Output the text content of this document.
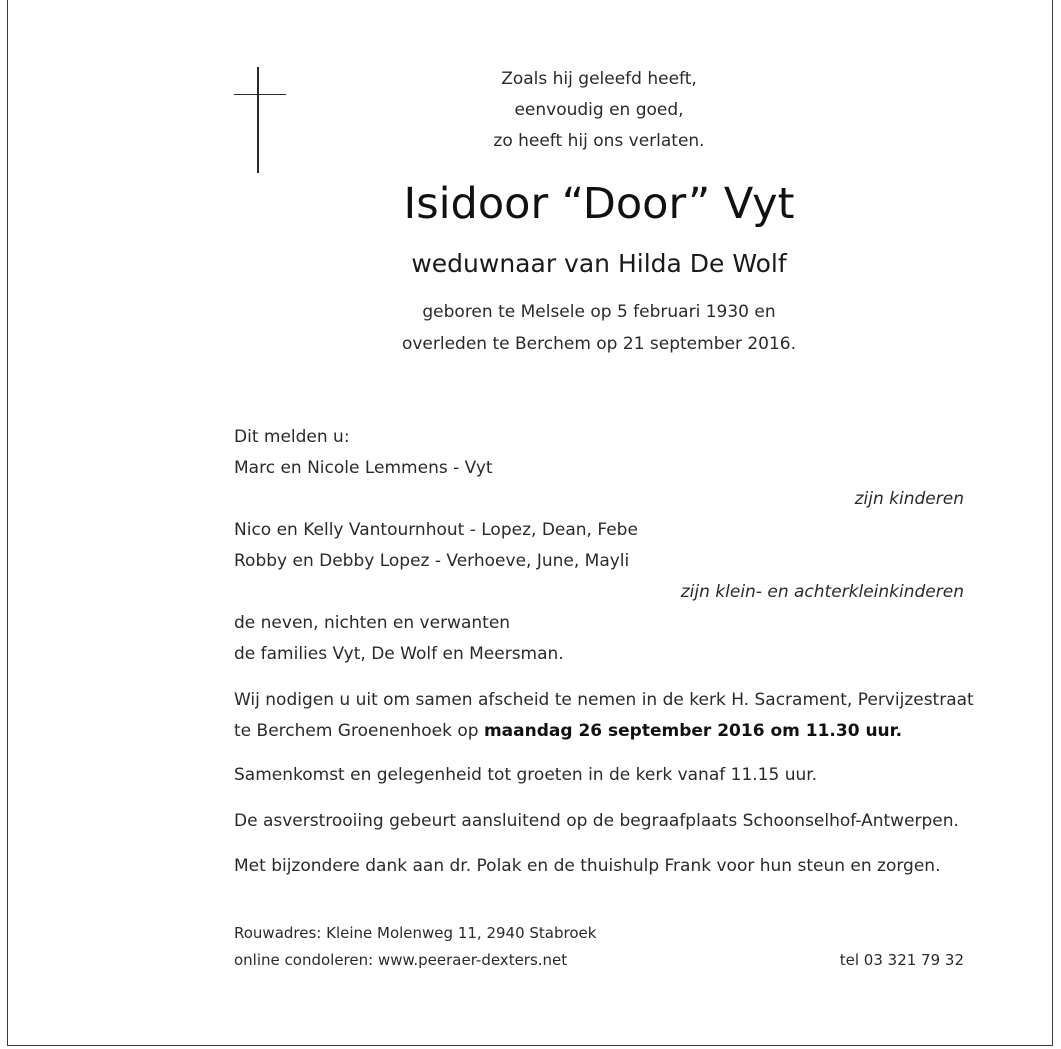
Zoals hij geleefd heeft,
eenvoudig en goed,
zo heeft hij ons verlaten.
Isidoor “Door” Vyt
weduwnaar van Hilda De Wolf
geboren te Melsele op 5 februari 1930 en
overleden te Berchem op 21 september 2016.
Dit melden u:
Marc en Nicole Lemmens - Vyt
zijn kinderen
Nico en Kelly Vantournhout - Lopez, Dean, Febe
Robby en Debby Lopez - Verhoeve, June, Mayli
zijn klein- en achterkleinkinderen
de neven, nichten en verwanten
de families Vyt, De Wolf en Meersman.
Wij nodigen u uit om samen afscheid te nemen in de kerk H. Sacrament, Pervijzestraat
te Berchem Groenenhoek op maandag 26 september 2016 om 11.30 uur.
Samenkomst en gelegenheid tot groeten in de kerk vanaf 11.15 uur.
De asverstrooiing gebeurt aansluitend op de begraafplaats Schoonselhof-Antwerpen.
Met bijzondere dank aan dr. Polak en de thuishulp Frank voor hun steun en zorgen.
Rouwadres: Kleine Molenweg 11, 2940 Stabroek
online condoleren: www.peeraer-dexters.net	tel 03 321 79 32
